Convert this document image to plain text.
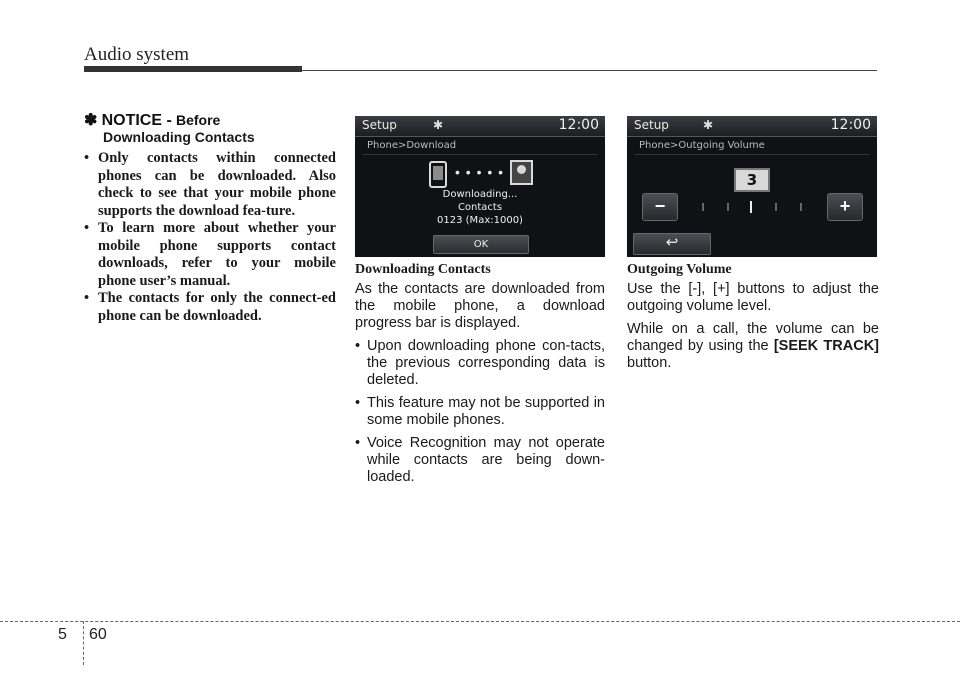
Audio system
✽ NOTICE - Before
Downloading Contacts
• Only contacts within connected phones can be downloaded. Also check to see that your mobile phone supports the download fea-ture.
• To learn more about whether your mobile phone supports contact downloads, refer to your mobile phone user’s manual.
• The contacts for only the connect-ed phone can be downloaded.
Setup	✱	12:00
Phone>Download
• • • • •
Downloading...
Contacts
0123 (Max:1000)
OK
Downloading Contacts

As the contacts are downloaded from the mobile phone, a download progress bar is displayed.

• Upon downloading phone con-tacts, the previous corresponding data is deleted.
• This feature may not be supported in some mobile phones.
• Voice Recognition may not operate while contacts are being down-loaded.
Setup	✱	12:00
Phone>Outgoing Volume
3
−	+
↩
Outgoing Volume

Use the [-], [+] buttons to adjust the outgoing volume level.

While on a call, the volume can be changed by using the [SEEK TRACK] button.

5 60
